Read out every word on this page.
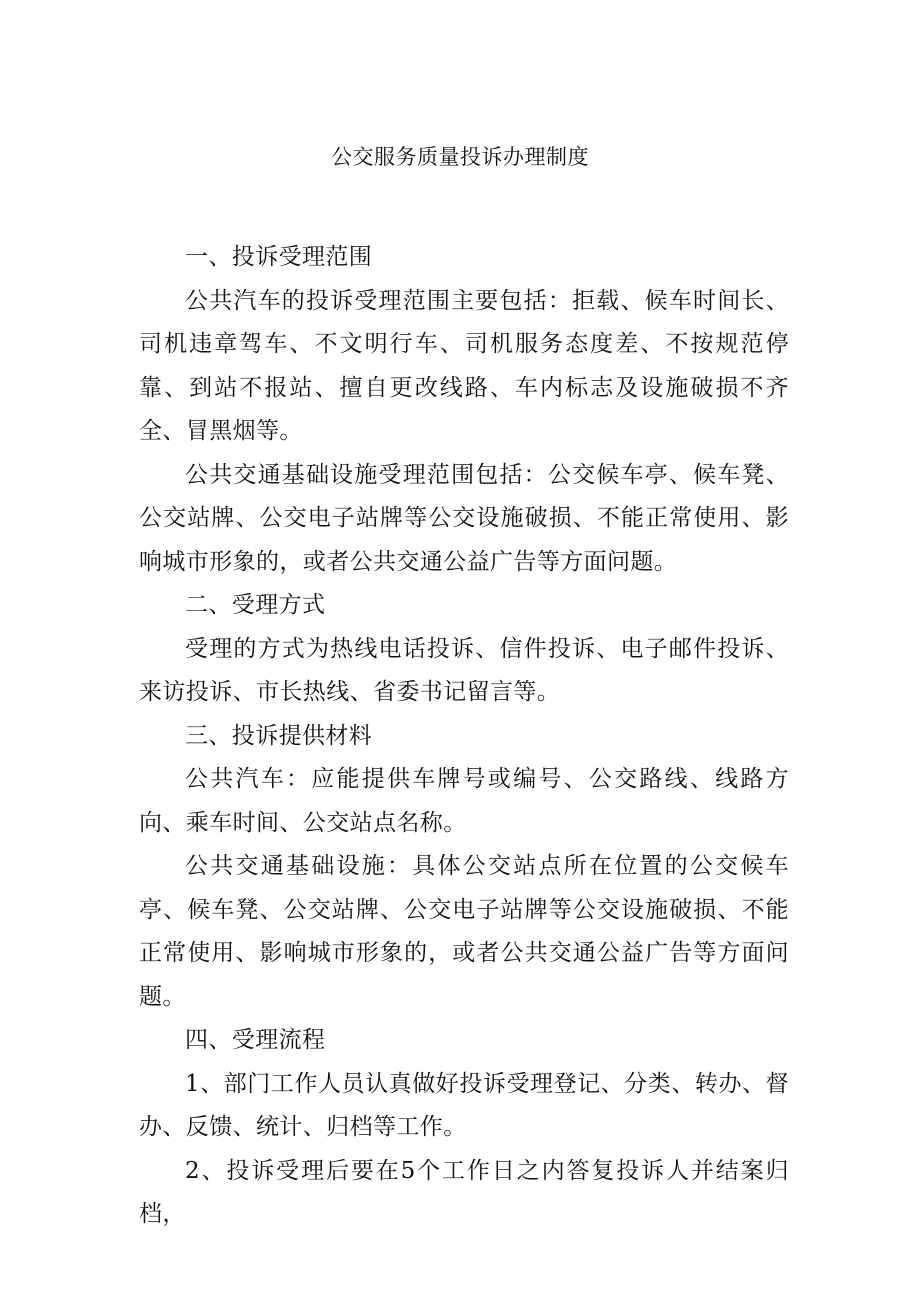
公交服务质量投诉办理制度

一、投诉受理范围

公共汽车的投诉受理范围主要包括：拒载、候车时间长、司机违章驾车、不文明行车、司机服务态度差、不按规范停靠、到站不报站、擅自更改线路、车内标志及设施破损不齐全、冒黑烟等。

公共交通基础设施受理范围包括：公交候车亭、候车凳、公交站牌、公交电子站牌等公交设施破损、不能正常使用、影响城市形象的，或者公共交通公益广告等方面问题。

二、受理方式

受理的方式为热线电话投诉、信件投诉、电子邮件投诉、来访投诉、市长热线、省委书记留言等。

三、投诉提供材料

公共汽车：应能提供车牌号或编号、公交路线、线路方向、乘车时间、公交站点名称。

公共交通基础设施：具体公交站点所在位置的公交候车亭、候车凳、公交站牌、公交电子站牌等公交设施破损、不能正常使用、影响城市形象的，或者公共交通公益广告等方面问题。

四、受理流程

1、部门工作人员认真做好投诉受理登记、分类、转办、督办、反馈、统计、归档等工作。

2、投诉受理后要在5个工作日之内答复投诉人并结案归档，
